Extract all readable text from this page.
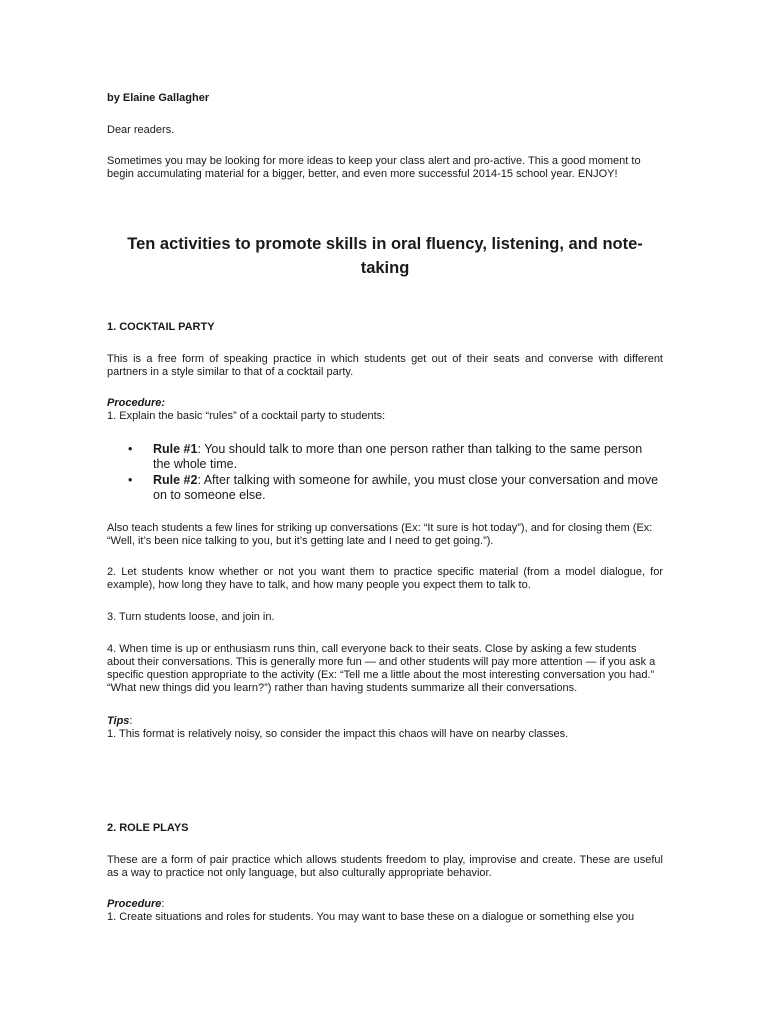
by Elaine Gallagher

Dear readers.

Sometimes you may be looking for more ideas to keep your class alert and pro-active. This a good moment to begin accumulating material for a bigger, better, and even more successful 2014-15 school year. ENJOY!

Ten activities to promote skills in oral fluency, listening, and note-taking

1. COCKTAIL PARTY

This is a free form of speaking practice in which students get out of their seats and converse with different partners in a style similar to that of a cocktail party.

Procedure:

1. Explain the basic “rules” of a cocktail party to students:

• Rule #1: You should talk to more than one person rather than talking to the same person the whole time.
• Rule #2: After talking with someone for awhile, you must close your conversation and move on to someone else.

Also teach students a few lines for striking up conversations (Ex: “It sure is hot today”), and for closing them (Ex: “Well, it’s been nice talking to you, but it’s getting late and I need to get going.”).

2. Let students know whether or not you want them to practice specific material (from a model dialogue, for example), how long they have to talk, and how many people you expect them to talk to.

3. Turn students loose, and join in.

4. When time is up or enthusiasm runs thin, call everyone back to their seats. Close by asking a few students about their conversations. This is generally more fun — and other students will pay more attention — if you ask a specific question appropriate to the activity (Ex: “Tell me a little about the most interesting conversation you had.” “What new things did you learn?”) rather than having students summarize all their conversations.

Tips:

1. This format is relatively noisy, so consider the impact this chaos will have on nearby classes.

2. ROLE PLAYS

These are a form of pair practice which allows students freedom to play, improvise and create. These are useful as a way to practice not only language, but also culturally appropriate behavior.

Procedure:

1. Create situations and roles for students. You may want to base these on a dialogue or something else you
